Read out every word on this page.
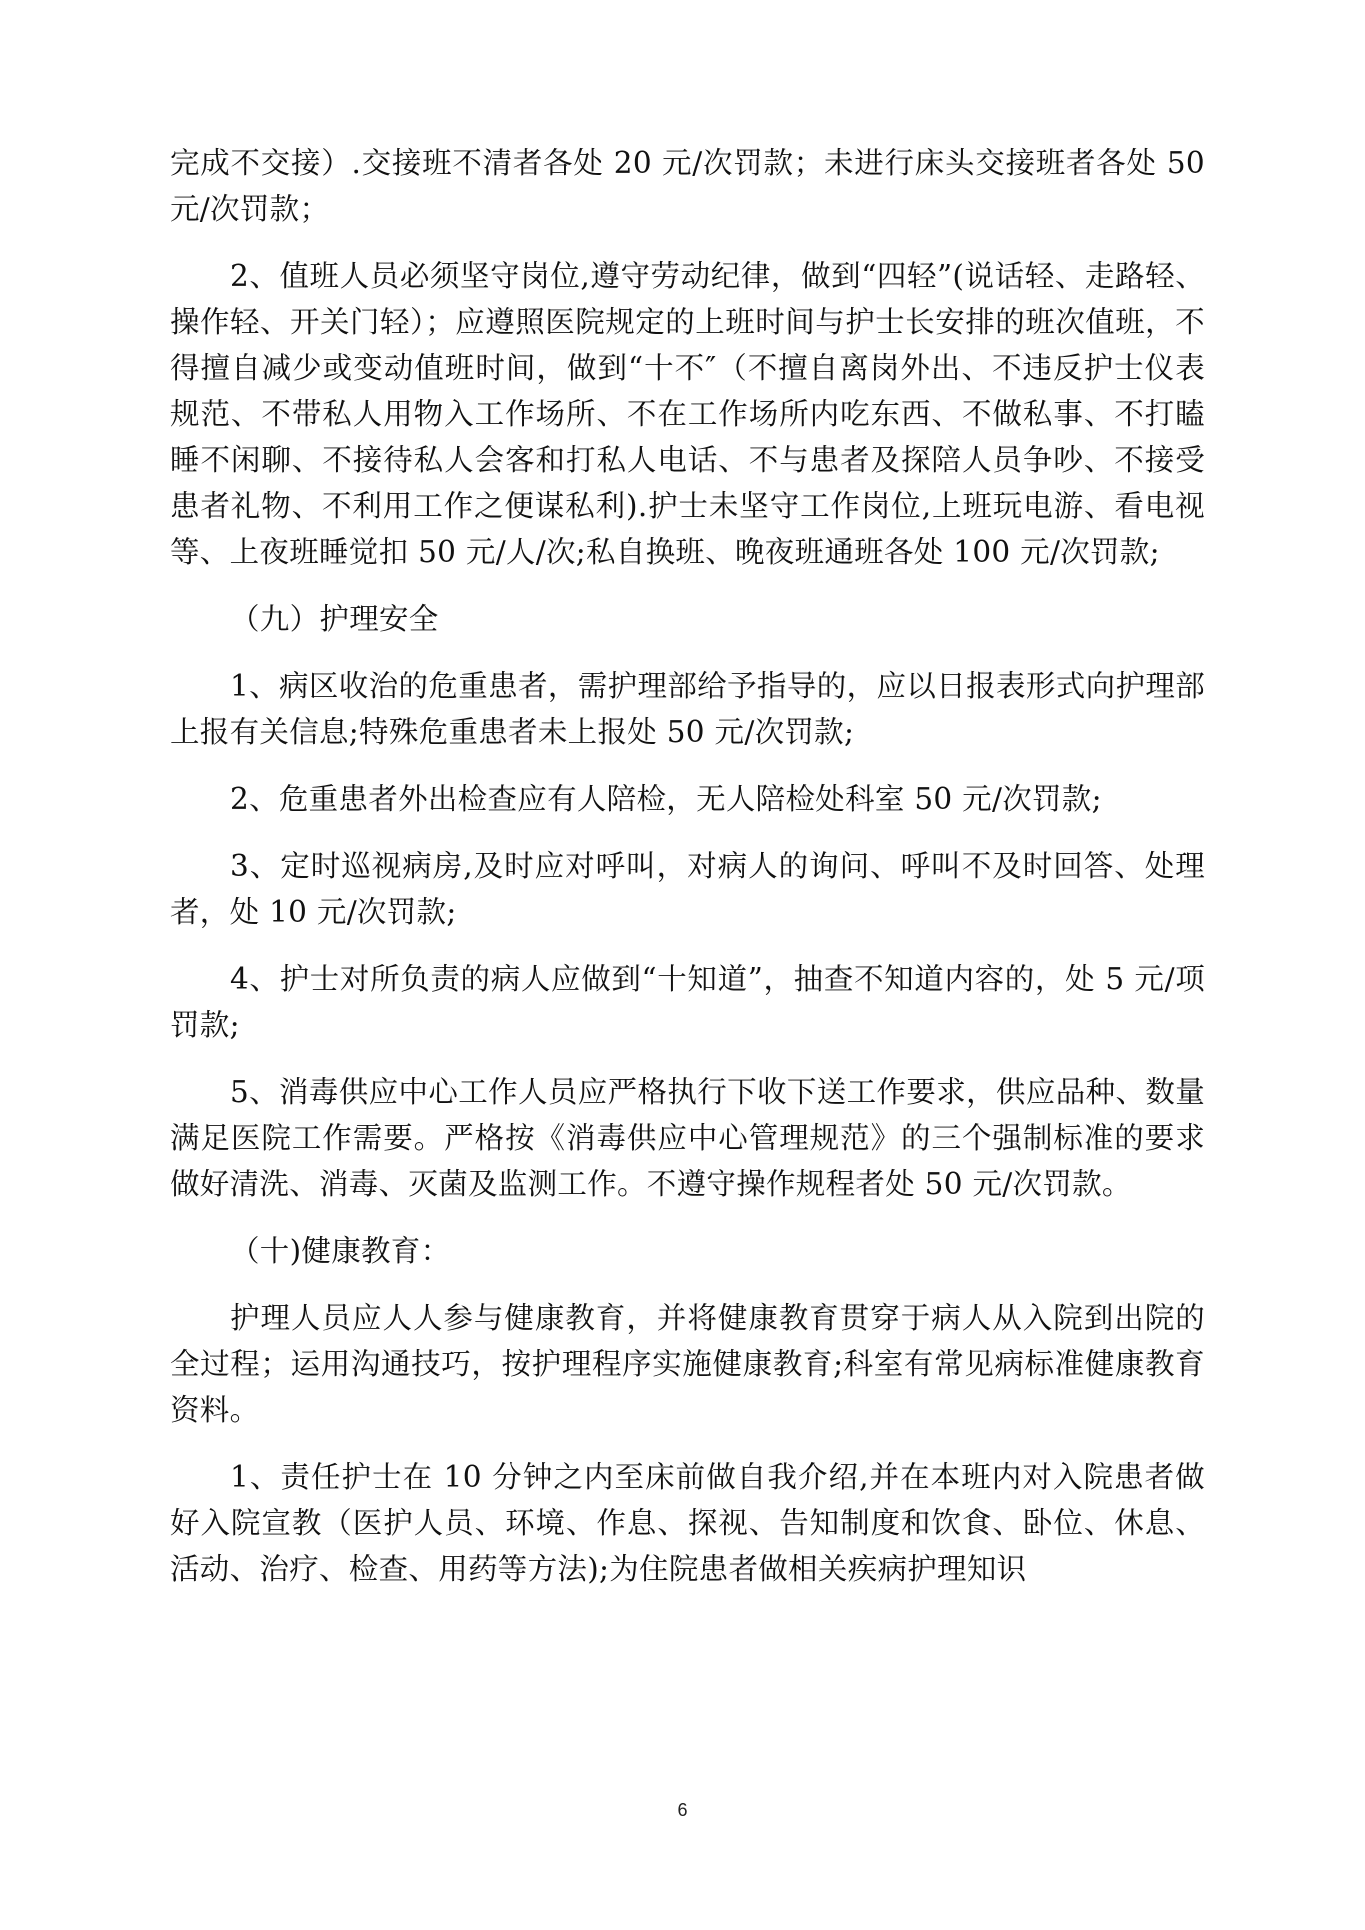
完成不交接）.交接班不清者各处 20 元/次罚款；未进行床头交接班者各处 50 元/次罚款；

2、值班人员必须坚守岗位,遵守劳动纪律，做到“四轻”(说话轻、走路轻、操作轻、开关门轻）；应遵照医院规定的上班时间与护士长安排的班次值班，不得擅自减少或变动值班时间，做到“十不″（不擅自离岗外出、不违反护士仪表规范、不带私人用物入工作场所、不在工作场所内吃东西、不做私事、不打瞌睡不闲聊、不接待私人会客和打私人电话、不与患者及探陪人员争吵、不接受患者礼物、不利用工作之便谋私利).护士未坚守工作岗位,上班玩电游、看电视等、上夜班睡觉扣 50 元/人/次;私自换班、晚夜班通班各处 100 元/次罚款;

（九）护理安全

1、病区收治的危重患者，需护理部给予指导的，应以日报表形式向护理部上报有关信息;特殊危重患者未上报处 50 元/次罚款;

2、危重患者外出检查应有人陪检，无人陪检处科室 50 元/次罚款;

3、定时巡视病房,及时应对呼叫，对病人的询问、呼叫不及时回答、处理者，处 10 元/次罚款;

4、护士对所负责的病人应做到“十知道”，抽查不知道内容的，处 5 元/项罚款;

5、消毒供应中心工作人员应严格执行下收下送工作要求，供应品种、数量满足医院工作需要。严格按《消毒供应中心管理规范》的三个强制标准的要求做好清洗、消毒、灭菌及监测工作。不遵守操作规程者处 50 元/次罚款。

（十)健康教育：

护理人员应人人参与健康教育，并将健康教育贯穿于病人从入院到出院的全过程；运用沟通技巧，按护理程序实施健康教育;科室有常见病标准健康教育资料。

1、责任护士在 10 分钟之内至床前做自我介绍,并在本班内对入院患者做好入院宣教（医护人员、环境、作息、探视、告知制度和饮食、卧位、休息、活动、治疗、检查、用药等方法);为住院患者做相关疾病护理知识

6
